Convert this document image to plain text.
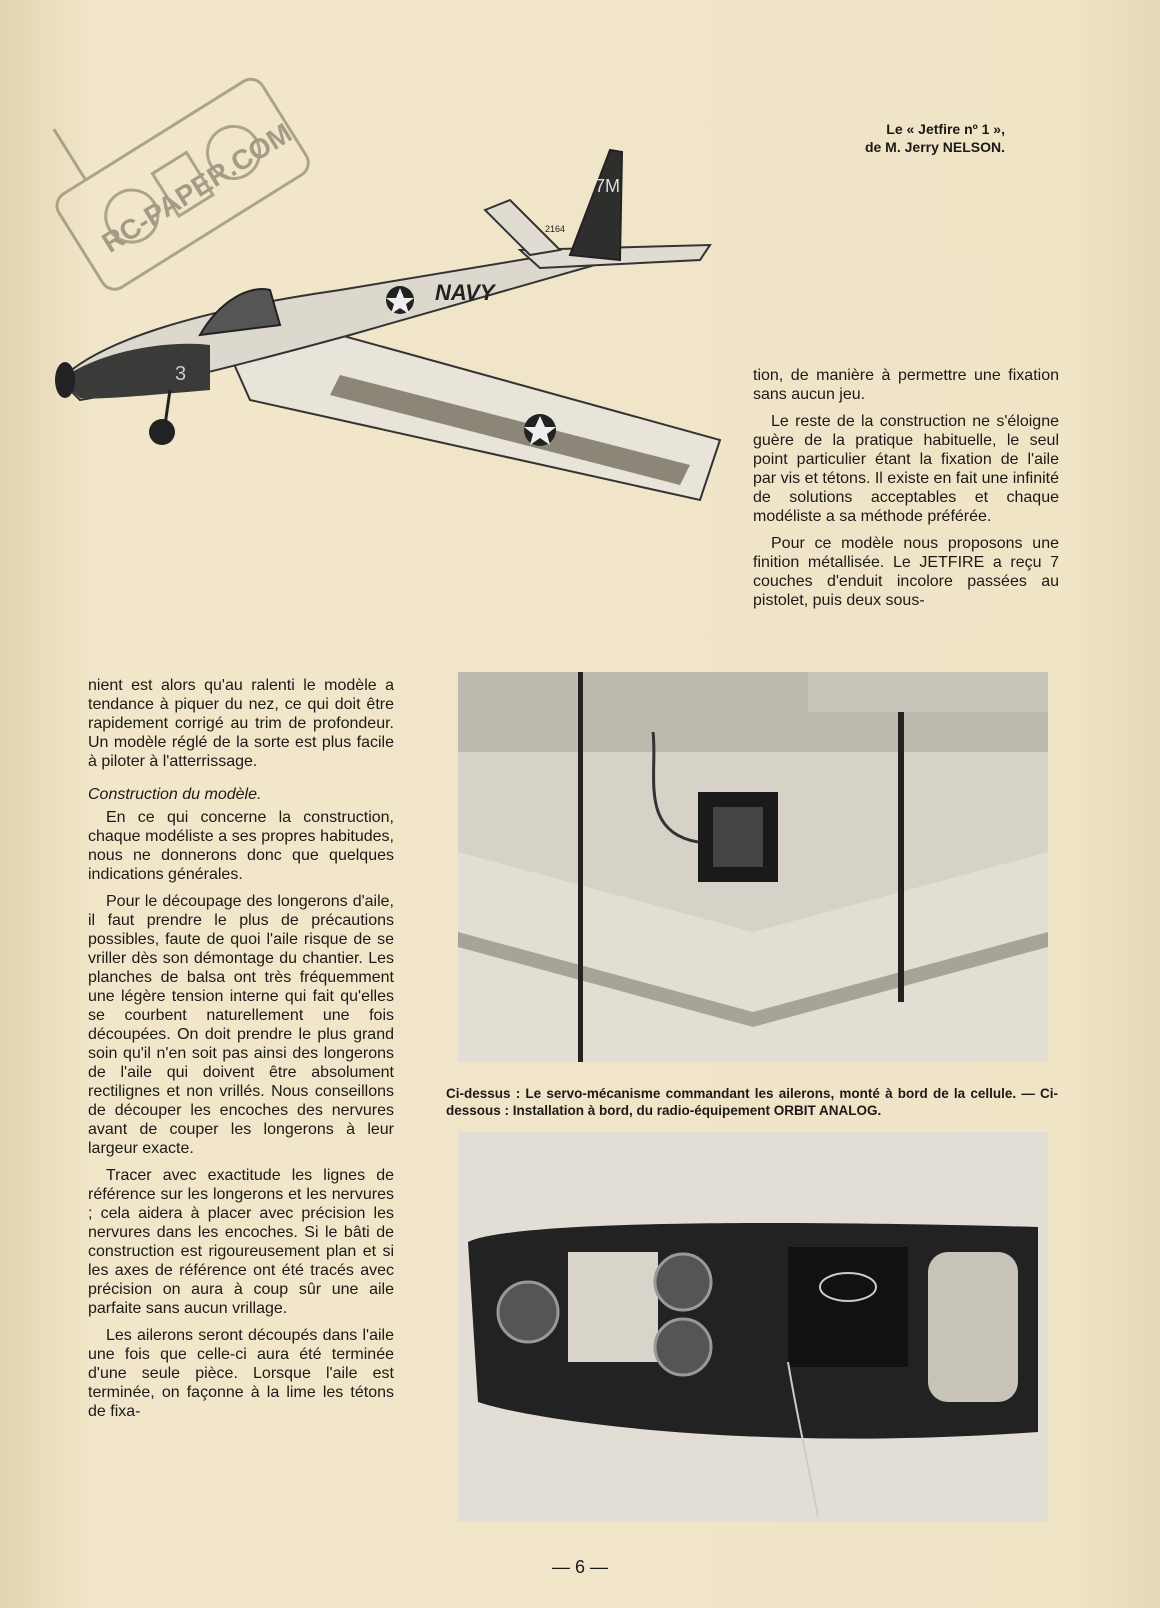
RC-PAPER.COM	Le « Jetfire nº 1 »,
de M. Jerry NELSON.
7M
2164
NAVY
3	tion, de manière à permettre une fixation sans aucun jeu.

Le reste de la construction ne s'éloigne guère de la pratique habituelle, le seul point particulier étant la fixation de l'aile par vis et tétons. Il existe en fait une infinité de solutions acceptables et chaque modéliste a sa méthode préférée.

Pour ce modèle nous proposons une finition métallisée. Le JETFIRE a reçu 7 couches d'enduit incolore passées au pistolet, puis deux sous-

nient est alors qu'au ralenti le modèle a tendance à piquer du nez, ce qui doit être rapidement corrigé au trim de profondeur. Un modèle réglé de la sorte est plus facile à piloter à l'atterrissage.

Construction du modèle.

En ce qui concerne la construction, chaque modéliste a ses propres habitudes, nous ne donnerons donc que quelques indications générales.

Pour le découpage des longerons d'aile, il faut prendre le plus de précautions possibles, faute de quoi l'aile risque de se vriller dès son démontage du chantier. Les planches de balsa ont très fréquemment une légère tension interne qui fait qu'elles se courbent naturellement une fois découpées. On doit prendre le plus grand soin qu'il n'en soit pas ainsi des longerons de l'aile qui doivent être absolument rectilignes et non vrillés. Nous conseillons de découper les encoches des nervures avant de couper les longerons à leur largeur exacte.

Tracer avec exactitude les lignes de référence sur les longerons et les nervures ; cela aidera à placer avec précision les nervures dans les encoches. Si le bâti de construction est rigoureusement plan et si les axes de référence ont été tracés avec précision on aura à coup sûr une aile parfaite sans aucun vrillage.

Les ailerons seront découpés dans l'aile une fois que celle-ci aura été terminée d'une seule pièce. Lorsque l'aile est terminée, on façonne à la lime les tétons de fixa-

Ci-dessus : Le servo-mécanisme commandant les ailerons, monté à bord de la cellule. — Ci-dessous : Installation à bord, du radio-équipement ORBIT ANALOG.
— 6 —
